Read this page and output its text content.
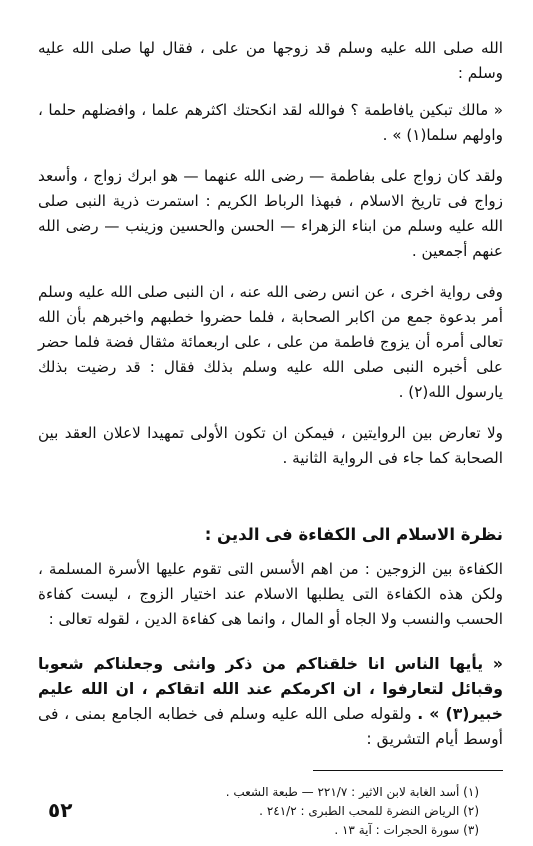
الله صلى الله عليه وسلم قد زوجها من على ، فقال لها صلى الله عليه وسلم :

« مالك تبكين يافاطمة ؟ فوالله لقد انكحتك اكثرهم علما ، وافضلهم حلما ، واولهم سلما(١) » .

ولقد كان زواج على بفاطمة — رضى الله عنهما — هو ابرك زواج ، وأسعد زواج فى تاريخ الاسلام ، فبهذا الرباط الكريم : استمرت ذرية النبى صلى الله عليه وسلم من ابناء الزهراء — الحسن والحسين وزينب — رضى الله عنهم أجمعين .

وفى رواية اخرى ، عن انس رضى الله عنه ، ان النبى صلى الله عليه وسلم أمر بدعوة جمع من اكابر الصحابة ، فلما حضروا خطبهم واخبرهم بأن الله تعالى أمره أن يزوج فاطمة من على ، على اربعمائة مثقال فضة فلما حضر على أخبره النبى صلى الله عليه وسلم بذلك فقال : قد رضيت بذلك يارسول الله(٢) .

ولا تعارض بين الروايتين ، فيمكن ان تكون الأولى تمهيدا لاعلان العقد بين الصحابة كما جاء فى الرواية الثانية .

نظرة الاسلام الى الكفاءة فى الدين :

الكفاءة بين الزوجين : من اهم الأسس التى تقوم عليها الأسرة المسلمة ، ولكن هذه الكفاءة التى يطلبها الاسلام عند اختيار الزوج ، ليست كفاءة الحسب والنسب ولا الجاه أو المال ، وانما هى كفاءة الدين ، لقوله تعالى :

« يأيها الناس انا خلقناكم من ذكر وانثى وجعلناكم شعوبا وقبائل لتعارفوا ، ان اكرمكم عند الله اتقاكم ، ان الله عليم خبير(٣) » . ولقوله صلى الله عليه وسلم فى خطابه الجامع بمنى ، فى أوسط أيام التشريق :

(١) أسد الغابة لابن الاثير : ٢٢١/٧ — طبعة الشعب .

(٢) الرياض النضرة للمحب الطبرى : ٢٤١/٢ .

(٣) سورة الحجرات : آية ١٣ .

٥٢
